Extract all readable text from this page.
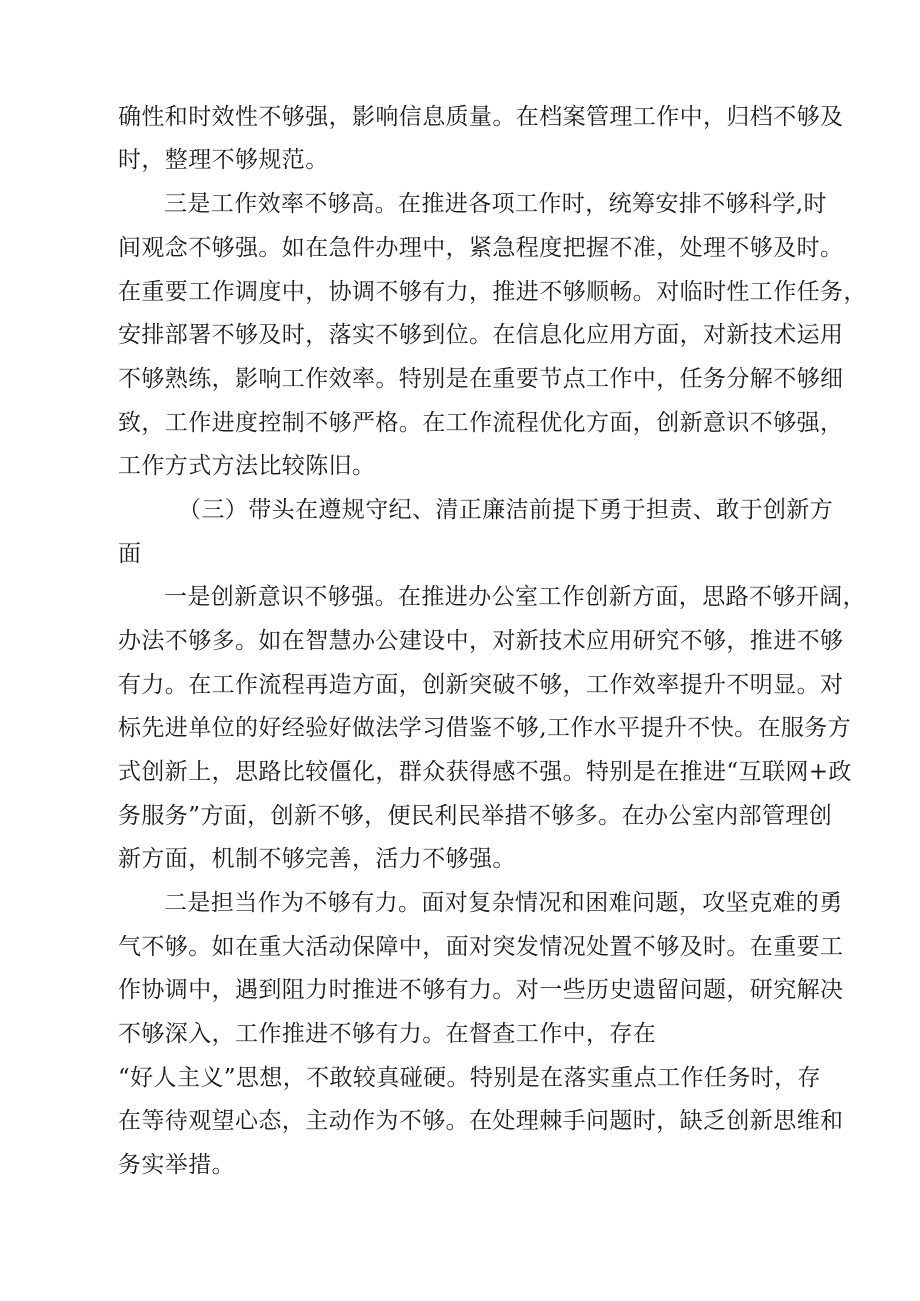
确性和时效性不够强，影响信息质量。在档案管理工作中，归档不够及

时，整理不够规范。

三是工作效率不够高。在推进各项工作时，统筹安排不够科学,时

间观念不够强。如在急件办理中，紧急程度把握不准，处理不够及时。

在重要工作调度中，协调不够有力，推进不够顺畅。对临时性工作任务，

安排部署不够及时，落实不够到位。在信息化应用方面，对新技术运用

不够熟练，影响工作效率。特别是在重要节点工作中，任务分解不够细

致，工作进度控制不够严格。在工作流程优化方面，创新意识不够强，

工作方式方法比较陈旧。

（三）带头在遵规守纪、清正廉洁前提下勇于担责、敢于创新方

面

一是创新意识不够强。在推进办公室工作创新方面，思路不够开阔，

办法不够多。如在智慧办公建设中，对新技术应用研究不够，推进不够

有力。在工作流程再造方面，创新突破不够，工作效率提升不明显。对

标先进单位的好经验好做法学习借鉴不够,工作水平提升不快。在服务方

式创新上，思路比较僵化，群众获得感不强。特别是在推进“互联网+政

务服务”方面，创新不够，便民利民举措不够多。在办公室内部管理创

新方面，机制不够完善，活力不够强。

二是担当作为不够有力。面对复杂情况和困难问题，攻坚克难的勇

气不够。如在重大活动保障中，面对突发情况处置不够及时。在重要工

作协调中，遇到阻力时推进不够有力。对一些历史遗留问题，研究解决

不够深入，工作推进不够有力。在督查工作中，存在

“好人主义”思想，不敢较真碰硬。特别是在落实重点工作任务时，存

在等待观望心态，主动作为不够。在处理棘手问题时，缺乏创新思维和

务实举措。
